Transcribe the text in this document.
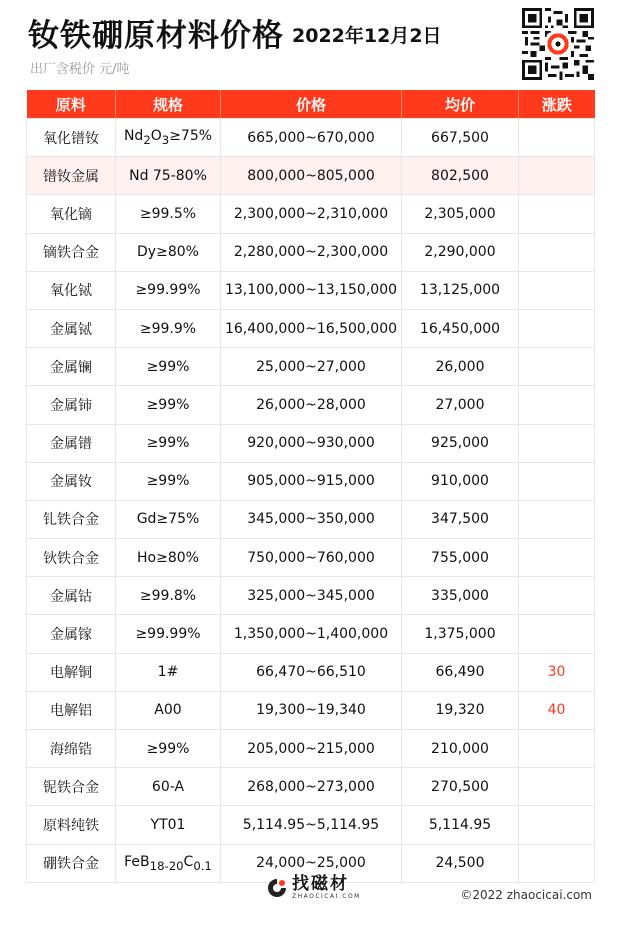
钕铁硼原材料价格 2022年12月2日
出厂含税价 元/吨
原料	规格	价格	均价	涨跌
氧化镨钕	$Nd_2O_3\ge 75\%$	665,000~670,000	667,500	
镨钕金属	Nd 75-80%	800,000~805,000	802,500	
氧化镝	≥99.5%	2,300,000~2,310,000	2,305,000	
镝铁合金	Dy≥80%	2,280,000~2,300,000	2,290,000	
氧化铽	≥99.99%	13,100,000~13,150,000	13,125,000	
金属铽	≥99.9%	16,400,000~16,500,000	16,450,000	
金属镧	≥99%	25,000~27,000	26,000	
金属铈	≥99%	26,000~28,000	27,000	
金属镨	≥99%	920,000~930,000	925,000	
金属钕	≥99%	905,000~915,000	910,000	
钆铁合金	Gd≥75%	345,000~350,000	347,500	
钬铁合金	Ho≥80%	750,000~760,000	755,000	
金属钴	≥99.8%	325,000~345,000	335,000	
金属镓	≥99.99%	1,350,000~1,400,000	1,375,000	
电解铜	1#	66,470~66,510	66,490	30
电解铝	A00	19,300~19,340	19,320	40
海绵锆	≥99%	205,000~215,000	210,000	
铌铁合金	60-A	268,000~273,000	270,500	
原料纯铁	YT01	5,114.95~5,114.95	5,114.95	
硼铁合金	$FeB_{18-20}C_{0.1}$	24,000~25,000	24,500	
找磁材
ZHAOCICAI.COM	©2022 zhaocicai.com
